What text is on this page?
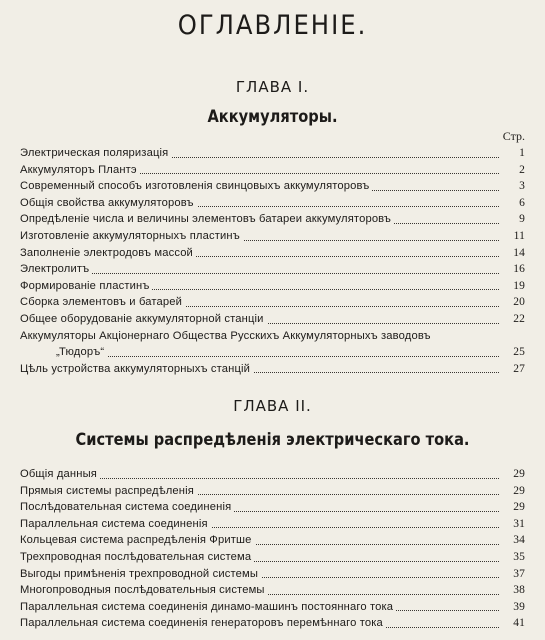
ОГЛАВЛЕНІЕ.
ГЛАВА I.
Аккумуляторы.
Стр.
Электрическая поляризація	1
Аккумуляторъ Плантэ	2
Современный способъ изготовленія свинцовыхъ аккумуляторовъ	3
Общія свойства аккумуляторовъ	6
Опредѣленіе числа и величины элементовъ батареи аккумуляторовъ	9
Изготовленіе аккумуляторныхъ пластинъ	11
Заполненіе электродовъ массой	14
Электролитъ	16
Формированіе пластинъ	19
Сборка элементовъ и батарей	20
Общее оборудованіе аккумуляторной станціи	22
Аккумуляторы Акціонернаго Общества Русскихъ Аккумуляторныхъ заводовъ
„Тюдоръ“	25
Цѣль устройства аккумуляторныхъ станцій	27
ГЛАВА II.
Системы распредѣленія электрическаго тока.
Общія данныя	29
Прямыя системы распредѣленія	29
Послѣдовательная система соединенія	29
Параллельная система соединенія	31
Кольцевая система распредѣленія Фритше	34
Трехпроводная послѣдовательная система	35
Выгоды примѣненія трехпроводной системы	37
Многопроводныя послѣдовательныя системы	38
Параллельная система соединенія динамо-машинъ постояннаго тока	39
Параллельная система соединенія генераторовъ перемѣннаго тока	41
